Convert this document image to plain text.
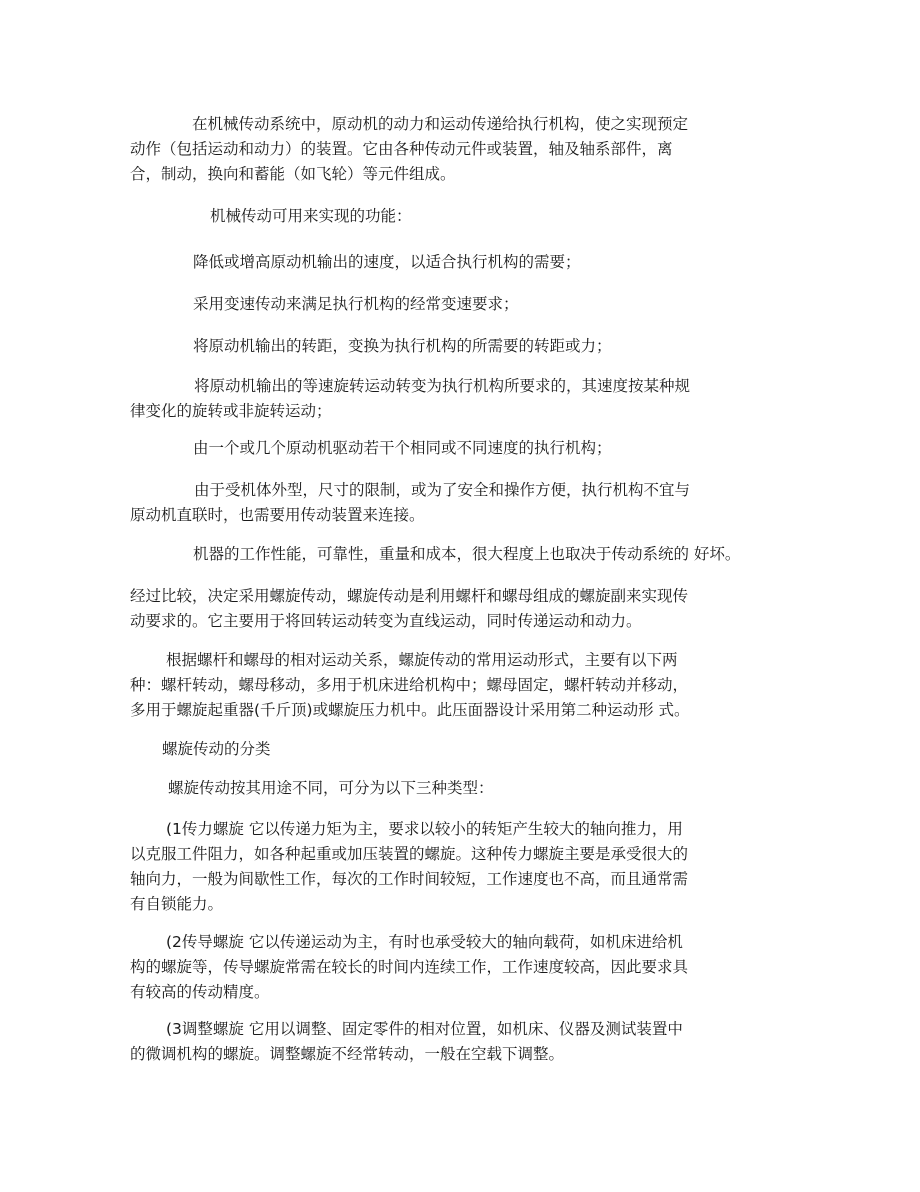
在机械传动系统中，原动机的动力和运动传递给执行机构，使之实现预定
动作（包括运动和动力）的装置。它由各种传动元件或装置，轴及轴系部件，离
合，制动，换向和蓄能（如飞轮）等元件组成。
机械传动可用来实现的功能：
降低或增高原动机输出的速度，以适合执行机构的需要；
采用变速传动来满足执行机构的经常变速要求；
将原动机输出的转距，变换为执行机构的所需要的转距或力；
将原动机输出的等速旋转运动转变为执行机构所要求的，其速度按某种规
律变化的旋转或非旋转运动；
由一个或几个原动机驱动若干个相同或不同速度的执行机构；
由于受机体外型，尺寸的限制，或为了安全和操作方便，执行机构不宜与
原动机直联时，也需要用传动装置来连接。
机器的工作性能，可靠性，重量和成本，很大程度上也取决于传动系统的 好坏。
经过比较，决定采用螺旋传动，螺旋传动是利用螺杆和螺母组成的螺旋副来实现传
动要求的。它主要用于将回转运动转变为直线运动，同时传递运动和动力。
根据螺杆和螺母的相对运动关系，螺旋传动的常用运动形式，主要有以下两
种：螺杆转动，螺母移动，多用于机床进给机构中；螺母固定，螺杆转动并移动，
多用于螺旋起重器(千斤顶)或螺旋压力机中。此压面器设计采用第二种运动形 式。
螺旋传动的分类
螺旋传动按其用途不同，可分为以下三种类型：
(1传力螺旋 它以传递力矩为主，要求以较小的转矩产生较大的轴向推力，用
以克服工件阻力，如各种起重或加压装置的螺旋。这种传力螺旋主要是承受很大的
轴向力，一般为间歇性工作，每次的工作时间较短，工作速度也不高，而且通常需
有自锁能力。
(2传导螺旋 它以传递运动为主，有时也承受较大的轴向载荷，如机床进给机
构的螺旋等，传导螺旋常需在较长的时间内连续工作，工作速度较高，因此要求具
有较高的传动精度。
(3调整螺旋 它用以调整、固定零件的相对位置，如机床、仪器及测试装置中
的微调机构的螺旋。调整螺旋不经常转动，一般在空载下调整。
